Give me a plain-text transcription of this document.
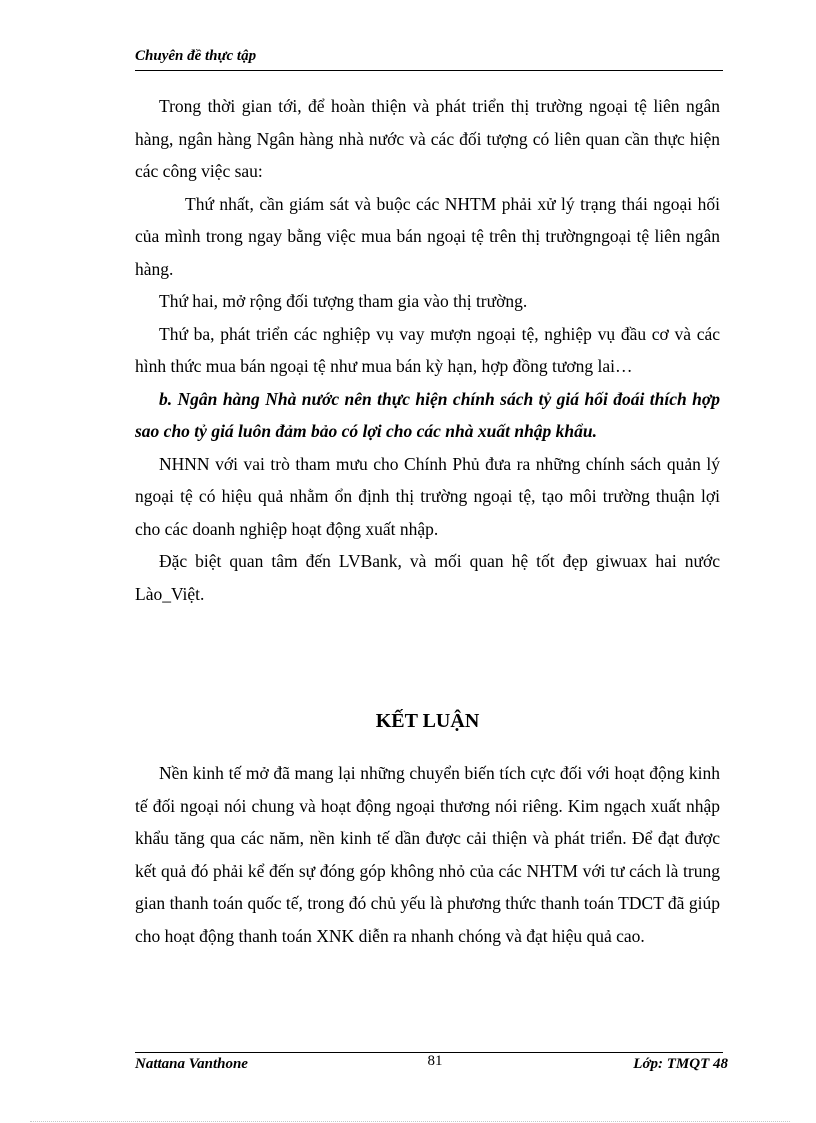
Chuyên đề thực tập

Trong thời gian tới, để hoàn thiện và phát triển thị trường ngoại tệ liên ngân hàng, ngân hàng Ngân hàng nhà nước và các đối tượng có liên quan cần thực hiện các công việc sau:

Thứ nhất, cần giám sát và buộc các NHTM phải xử lý trạng thái ngoại hối của mình trong ngay bằng việc mua bán ngoại tệ trên thị trườngngoại tệ liên ngân hàng.

Thứ hai, mở rộng đối tượng tham gia vào thị trường.

Thứ ba, phát triển các nghiệp vụ vay mượn ngoại tệ, nghiệp vụ đầu cơ và các hình thức mua bán ngoại tệ như mua bán kỳ hạn, hợp đồng tương lai…

b. Ngân hàng Nhà nước nên thực hiện chính sách tỷ giá hối đoái thích hợp sao cho tỷ giá luôn đảm bảo có lợi cho các nhà xuất nhập khẩu.

NHNN với vai trò tham mưu cho Chính Phủ đưa ra những chính sách quản lý ngoại tệ có hiệu quả nhằm ổn định thị trường ngoại tệ, tạo môi trường thuận lợi cho các doanh nghiệp hoạt động xuất nhập.

Đặc biệt quan tâm đến LVBank, và mối quan hệ tốt đẹp giwuax hai nước Lào_Việt.

KẾT LUẬN

Nền kinh tế mở đã mang lại những chuyển biến tích cực đối với hoạt động kinh tế đối ngoại nói chung và hoạt động ngoại thương nói riêng. Kim ngạch xuất nhập khẩu tăng qua các năm, nền kinh tế dần được cải thiện và phát triển. Để đạt được kết quả đó phải kể đến sự đóng góp không nhỏ của các NHTM với tư cách là trung gian thanh toán quốc tế, trong đó chủ yếu là phương thức thanh toán TDCT đã giúp cho hoạt động thanh toán XNK diễn ra nhanh chóng và đạt hiệu quả cao.

Nattana Vanthone	81	Lớp: TMQT 48
